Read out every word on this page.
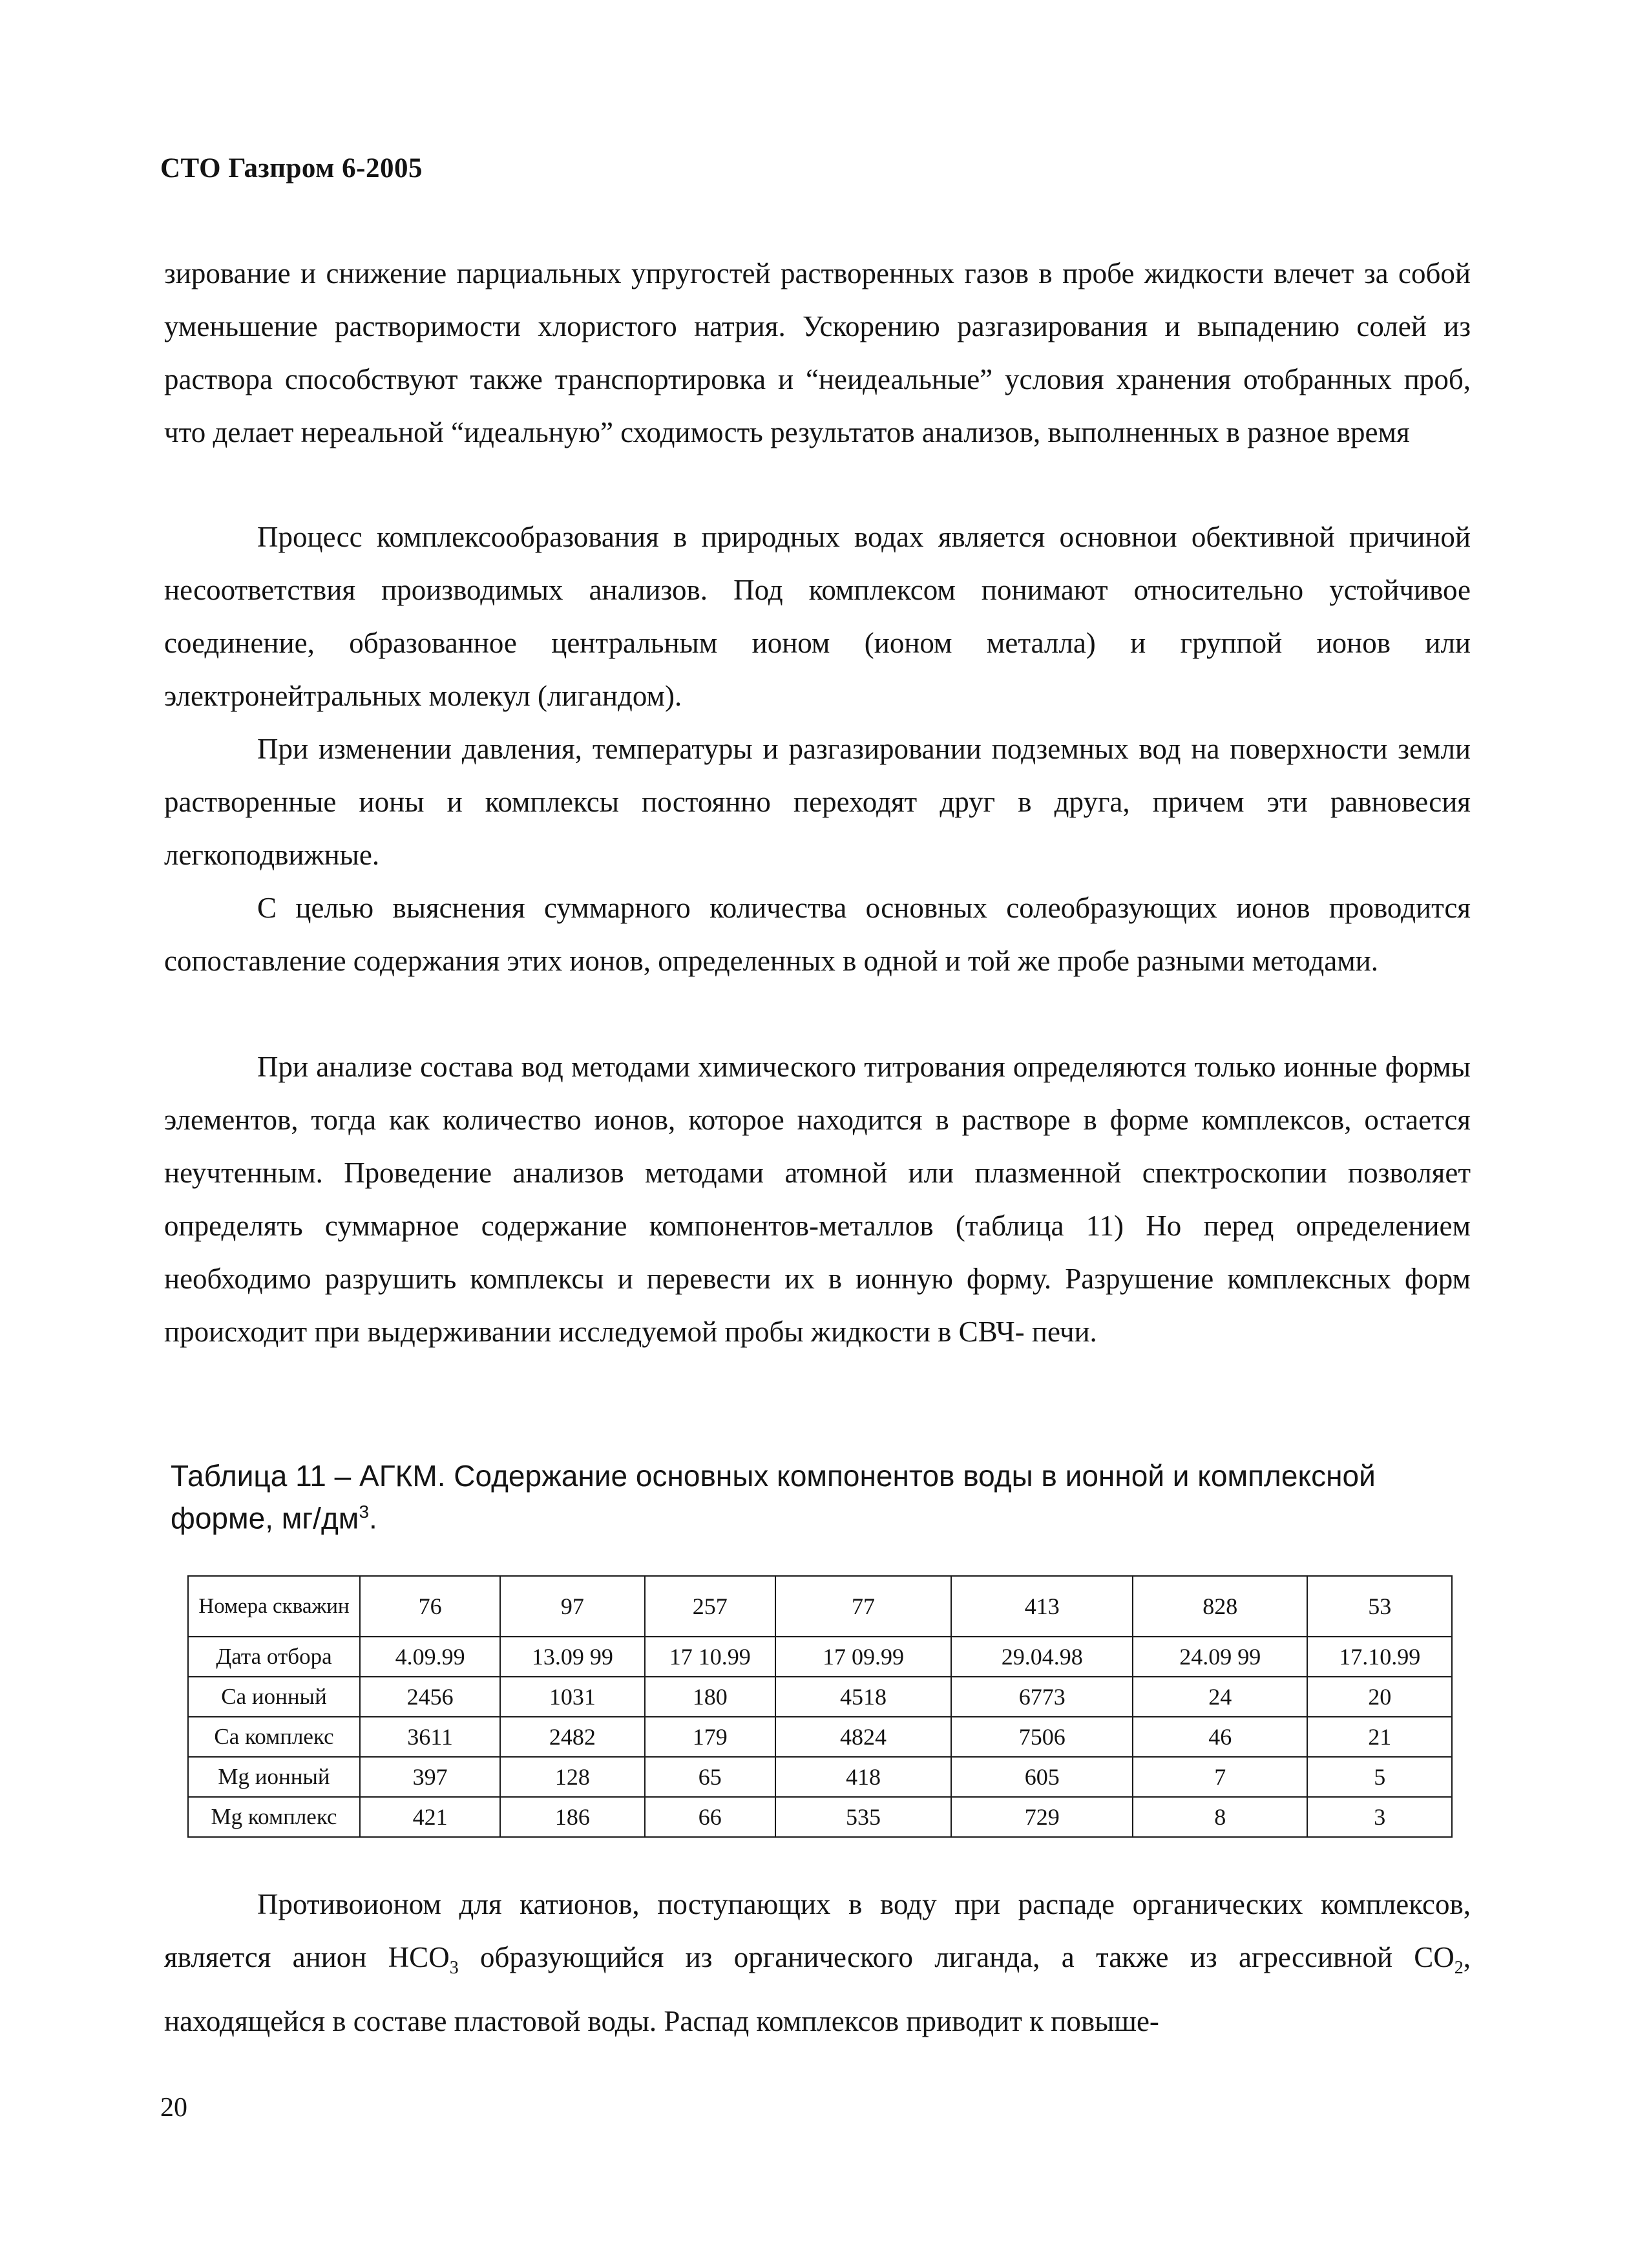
СТО Газпром 6-2005

зирование и снижение парциальных упругостей растворенных газов в пробе жидкости влечет за собой уменьшение растворимости хлористого натрия. Ускорению разгазирования и выпадению солей из раствора способствуют также транспортировка и “неидеальные” условия хранения отобранных проб, что делает нереальной “идеальную” сходимость результатов анализов, выполненных в разное время

Процесс комплексообразования в природных водах является основнои обективной причиной несоответствия производимых анализов. Под комплексом понимают относительно устойчивое соединение, образованное центральным ионом (ионом металла) и группой ионов или электронейтральных молекул (лигандом).

При изменении давления, температуры и разгазировании подземных вод на поверхности земли растворенные ионы и комплексы постоянно переходят друг в друга, причем эти равновесия легкоподвижные.

С целью выяснения суммарного количества основных солеобразующих ионов проводится сопоставление содержания этих ионов, определенных в одной и той же пробе разными методами.

При анализе состава вод методами химического титрования определяются только ионные формы элементов, тогда как количество ионов, которое находится в растворе в форме комплексов, остается неучтенным. Проведение анализов методами атомной или плазменной спектроскопии позволяет определять суммарное содержание компонентов-металлов (таблица 11) Но перед определением необходимо разрушить комплексы и перевести их в ионную форму. Разрушение комплексных форм происходит при выдерживании исследуемой пробы жидкости в СВЧ- печи.

Таблица 11 – АГКМ. Содержание основных компонентов воды в ионной и комплексной форме, $мг/дм^3$.
Номера скважин	76	97	257	77	413	828	53
Дата отбора	4.09.99	13.09 99	17 10.99	17 09.99	29.04.98	24.09 99	17.10.99
Са ионный	2456	1031	180	4518	6773	24	20
Са комплекс	3611	2482	179	4824	7506	46	21
Mg ионный	397	128	65	418	605	7	5
Mg комплекс	421	186	66	535	729	8	3

Противоионом для катионов, поступающих в воду при распаде органических комплексов, является анион $НСО_3$ образующийся из органического лиганда, а также из агрессивной $СО_2$, находящейся в составе пластовой воды. Распад комплексов приводит к повыше-

20
